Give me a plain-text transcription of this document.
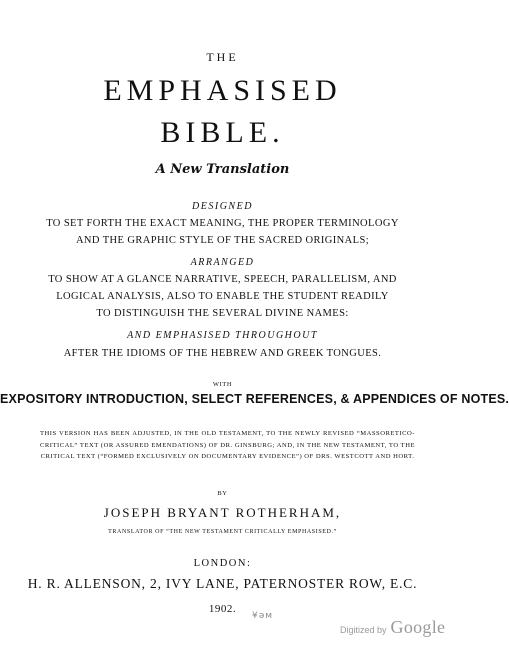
THE
EMPHASISED
BIBLE.
A New Translation
DESIGNED
TO SET FORTH THE EXACT MEANING, THE PROPER TERMINOLOGY
AND THE GRAPHIC STYLE OF THE SACRED ORIGINALS;
ARRANGED
TO SHOW AT A GLANCE NARRATIVE, SPEECH, PARALLELISM, AND
LOGICAL ANALYSIS, ALSO TO ENABLE THE STUDENT READILY
TO DISTINGUISH THE SEVERAL DIVINE NAMES:
AND EMPHASISED THROUGHOUT
AFTER THE IDIOMS OF THE HEBREW AND GREEK TONGUES.
WITH
EXPOSITORY INTRODUCTION, SELECT REFERENCES, & APPENDICES OF NOTES.
THIS VERSION HAS BEEN ADJUSTED, IN THE OLD TESTAMENT, TO THE NEWLY REVISED “MASSORETICO-CRITICAL” TEXT (OR ASSURED EMENDATIONS) OF DR. GINSBURG; AND, IN THE NEW TESTAMENT, TO THE CRITICAL TEXT (“FORMED EXCLUSIVELY ON DOCUMENTARY EVIDENCE”) OF DRS. WESTCOTT AND HORT.
BY
JOSEPH BRYANT ROTHERHAM,
TRANSLATOR OF “THE NEW TESTAMENT CRITICALLY EMPHASISED.”
LONDON:
H. R. ALLENSON, 2, IVY LANE, PATERNOSTER ROW, E.C.
1902.
¥ǝᴍ
Digitized by Google
